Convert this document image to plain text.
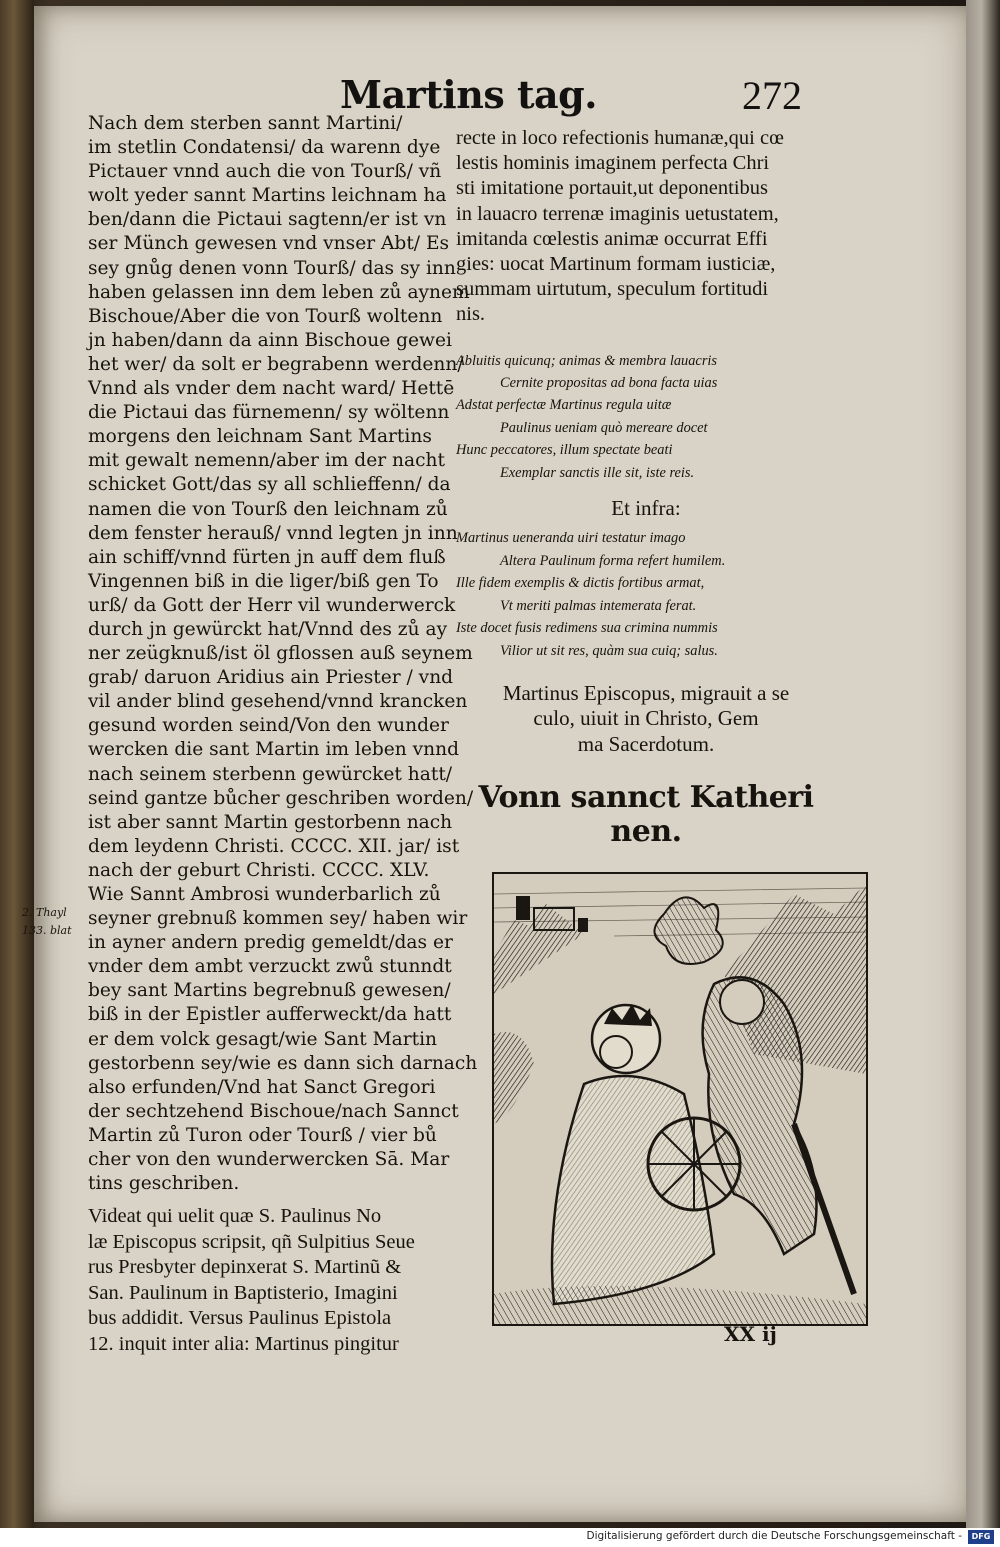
Martins tag.	272
2. Thayl
133. blat
Nach dem sterben sannt Martini/
im stetlin Condatensi/ da warenn dye
Pictauer vnnd auch die von Tourß/ vñ
wolt yeder sannt Martins leichnam ha
ben/dann die Pictaui sagtenn/er ist vn
ser Münch gewesen vnd vnser Abt/ Es
sey gnůg denen vonn Tourß/ das sy inn
haben gelassen inn dem leben zů aynem
Bischoue/Aber die von Tourß woltenn
jn haben/dann da ainn Bischoue gewei
het wer/ da solt er begrabenn werdenn/
Vnnd als vnder dem nacht ward/ Hettē
die Pictaui das fürnemenn/ sy wöltenn
morgens den leichnam Sant Martins
mit gewalt nemenn/aber im der nacht
schicket Gott/das sy all schlieffenn/ da
namen die von Tourß den leichnam zů
dem fenster herauß/ vnnd legten jn inn
ain schiff/vnnd fürten jn auff dem fluß
Vingennen biß in die liger/biß gen To
urß/ da Gott der Herr vil wunderwerck
durch jn gewürckt hat/Vnnd des zů ay
ner zeügknuß/ist öl gflossen auß seynem
grab/ daruon Aridius ain Priester / vnd
vil ander blind gesehend/vnnd krancken
gesund worden seind/Von den wunder
wercken die sant Martin im leben vnnd
nach seinem sterbenn gewürcket hatt/
seind gantze bůcher geschriben worden/
ist aber sannt Martin gestorbenn nach
dem leydenn Christi. CCCC. XII. jar/ ist
nach der geburt Christi. CCCC. XLV.
Wie Sannt Ambrosi wunderbarlich zů
seyner grebnuß kommen sey/ haben wir
in ayner andern predig gemeldt/das er
vnder dem ambt verzuckt zwů stunndt
bey sant Martins begrebnuß gewesen/
biß in der Epistler aufferweckt/da hatt
er dem volck gesagt/wie Sant Martin
gestorbenn sey/wie es dann sich darnach
also erfunden/Vnd hat Sanct Gregori
der sechtzehend Bischoue/nach Sannct
Martin zů Turon oder Tourß / vier bů
cher von den wunderwercken Sā. Mar
tins geschriben.
Videat qui uelit quæ S. Paulinus No
læ Episcopus scripsit, qñ Sulpitius Seue
rus Presbyter depinxerat S. Martinũ &
San. Paulinum in Baptisterio, Imagini
bus addidit. Versus Paulinus Epistola
12. inquit inter alia: Martinus pingitur
recte in loco refectionis humanæ,qui cœ
lestis hominis imaginem perfecta Chri
sti imitatione portauit,ut deponentibus
in lauacro terrenæ imaginis uetustatem,
imitanda cœlestis animæ occurrat Effi
gies: uocat Martinum formam iusticiæ,
summam uirtutum, speculum fortitudi
nis.
Abluitis quicunq; animas & membra lauacris
Cernite propositas ad bona facta uias
Adstat perfectæ Martinus regula uitæ
Paulinus ueniam quò mereare docet
Hunc peccatores, illum spectate beati
Exemplar sanctis ille sit, iste reis.
Et infra:
Martinus ueneranda uiri testatur imago
Altera Paulinum forma refert humilem.
Ille fidem exemplis & dictis fortibus armat,
Vt meriti palmas intemerata ferat.
Iste docet fusis redimens sua crimina nummis
Vilior ut sit res, quàm sua cuiq; salus.
Martinus Episcopus, migrauit a se
culo, uiuit in Christo, Gem
ma Sacerdotum.
Vonn sannct Katheri
nen.
XX ij
Digitalisierung gefördert durch die Deutsche Forschungsgemeinschaft -	DFG
